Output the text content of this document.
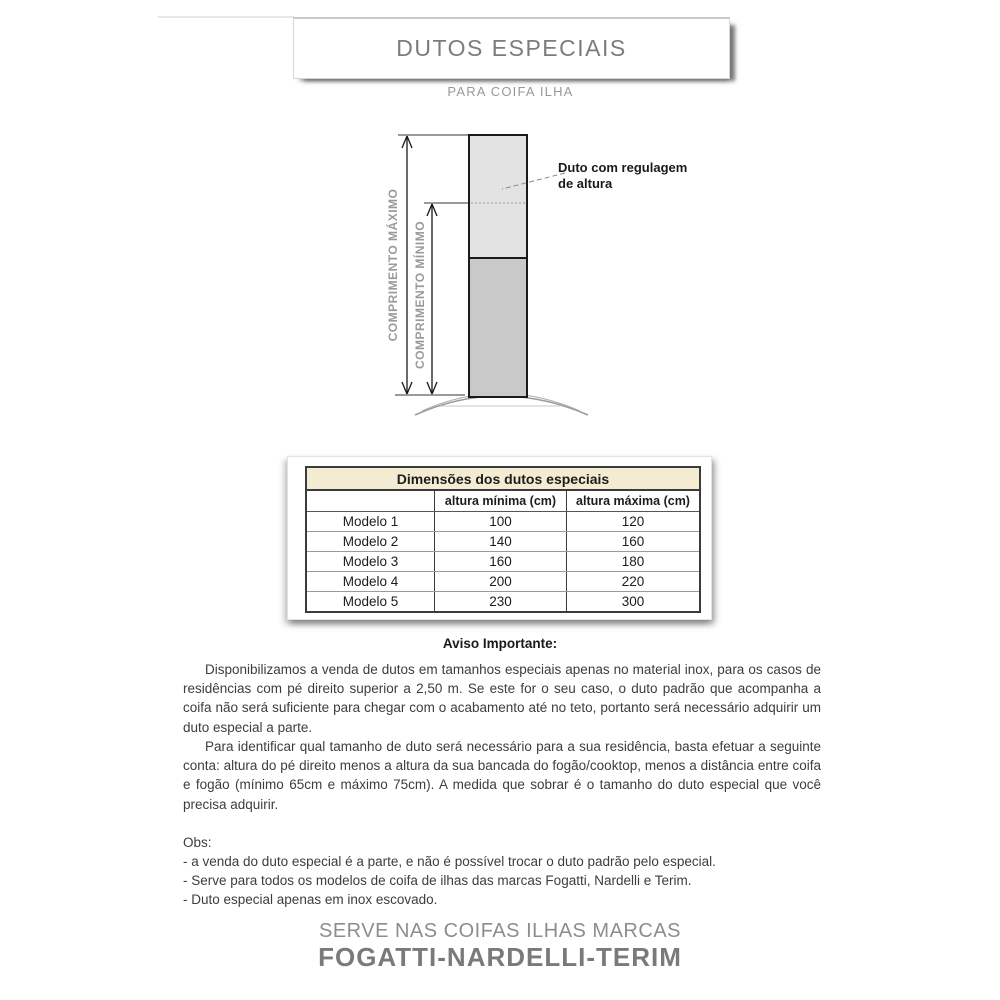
DUTOS ESPECIAIS
PARA COIFA ILHA
COMPRIMENTO MÁXIMO COMPRIMENTO MÍNIMO
Duto com regulagem de altura
Dimensões dos dutos especiais		
	altura mínima (cm)	altura máxima (cm)
Modelo 1	100	120
Modelo 2	140	160
Modelo 3	160	180
Modelo 4	200	220
Modelo 5	230	300
Aviso Importante:

Disponibilizamos a venda de dutos em tamanhos especiais apenas no material inox, para os casos de residências com pé direito superior a 2,50 m. Se este for o seu caso, o duto padrão que acompanha a coifa não será suficiente para chegar com o acabamento até no teto, portanto será necessário adquirir um duto especial a parte.

Para identificar qual tamanho de duto será necessário para a sua residência, basta efetuar a seguinte conta: altura do pé direito menos a altura da sua bancada do fogão/cooktop, menos a distância entre coifa e fogão (mínimo 65cm e máximo 75cm). A medida que sobrar é o tamanho do duto especial que você precisa adquirir.

Obs:
- a venda do duto especial é a parte, e não é possível trocar o duto padrão pelo especial.
- Serve para todos os modelos de coifa de ilhas das marcas Fogatti, Nardelli e Terim.
- Duto especial apenas em inox escovado.
SERVE NAS COIFAS ILHAS MARCAS
FOGATTI-NARDELLI-TERIM
